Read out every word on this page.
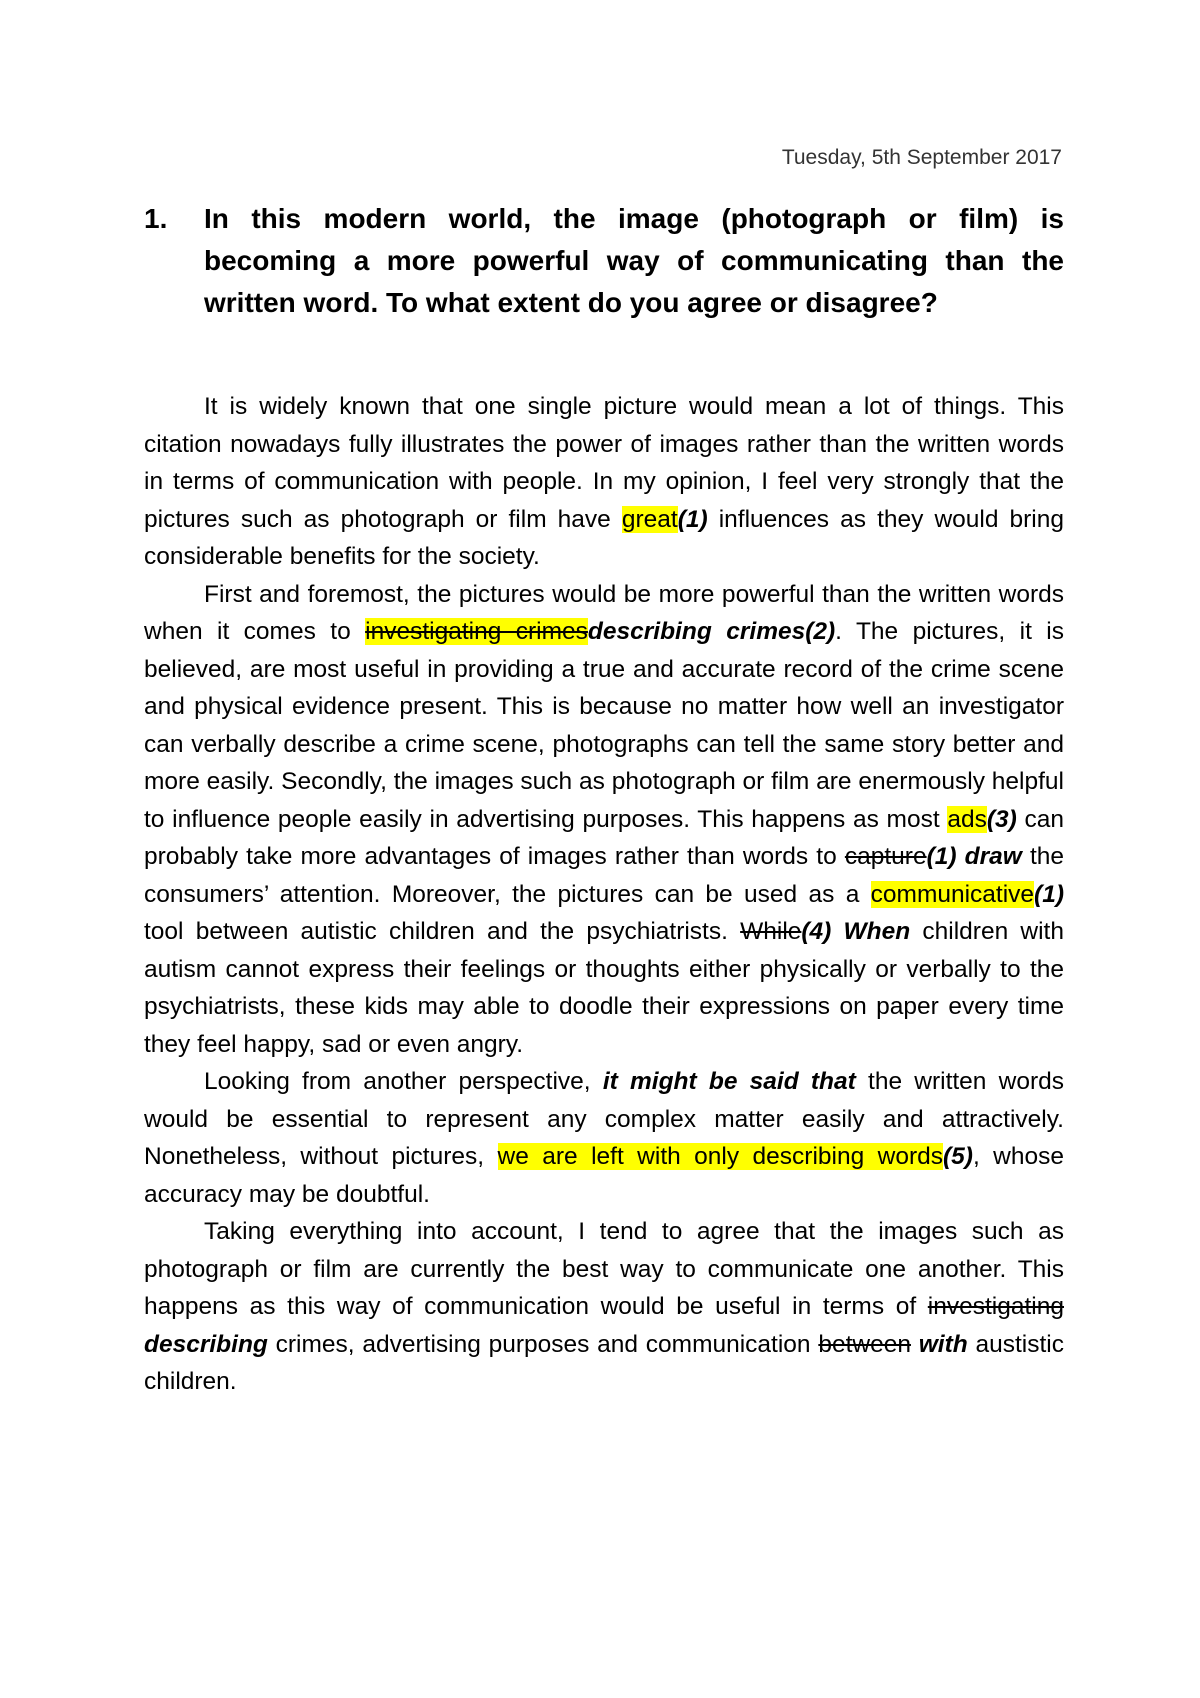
Tuesday, 5th September 2017
1. In this modern world, the image (photograph or film) is becoming a more powerful way of communicating than the written word. To what extent do you agree or disagree?

It is widely known that one single picture would mean a lot of things. This citation nowadays fully illustrates the power of images rather than the written words in terms of communication with people. In my opinion, I feel very strongly that the pictures such as photograph or film have great(1) influences as they would bring considerable benefits for the society.

First and foremost, the pictures would be more powerful than the written words when it comes to investigating crimesdescribing crimes(2). The pictures, it is believed, are most useful in providing a true and accurate record of the crime scene and physical evidence present. This is because no matter how well an investigator can verbally describe a crime scene, photographs can tell the same story better and more easily. Secondly, the images such as photograph or film are enermously helpful to influence people easily in advertising purposes. This happens as most ads(3) can probably take more advantages of images rather than words to capture(1) draw the consumers’ attention. Moreover, the pictures can be used as a communicative(1) tool between autistic children and the psychiatrists. While(4) When children with autism cannot express their feelings or thoughts either physically or verbally to the psychiatrists, these kids may able to doodle their expressions on paper every time they feel happy, sad or even angry.

Looking from another perspective, it might be said that the written words would be essential to represent any complex matter easily and attractively. Nonetheless, without pictures, we are left with only describing words(5), whose accuracy may be doubtful.

Taking everything into account, I tend to agree that the images such as photograph or film are currently the best way to communicate one another. This happens as this way of communication would be useful in terms of investigating describing crimes, advertising purposes and communication between with austistic children.
